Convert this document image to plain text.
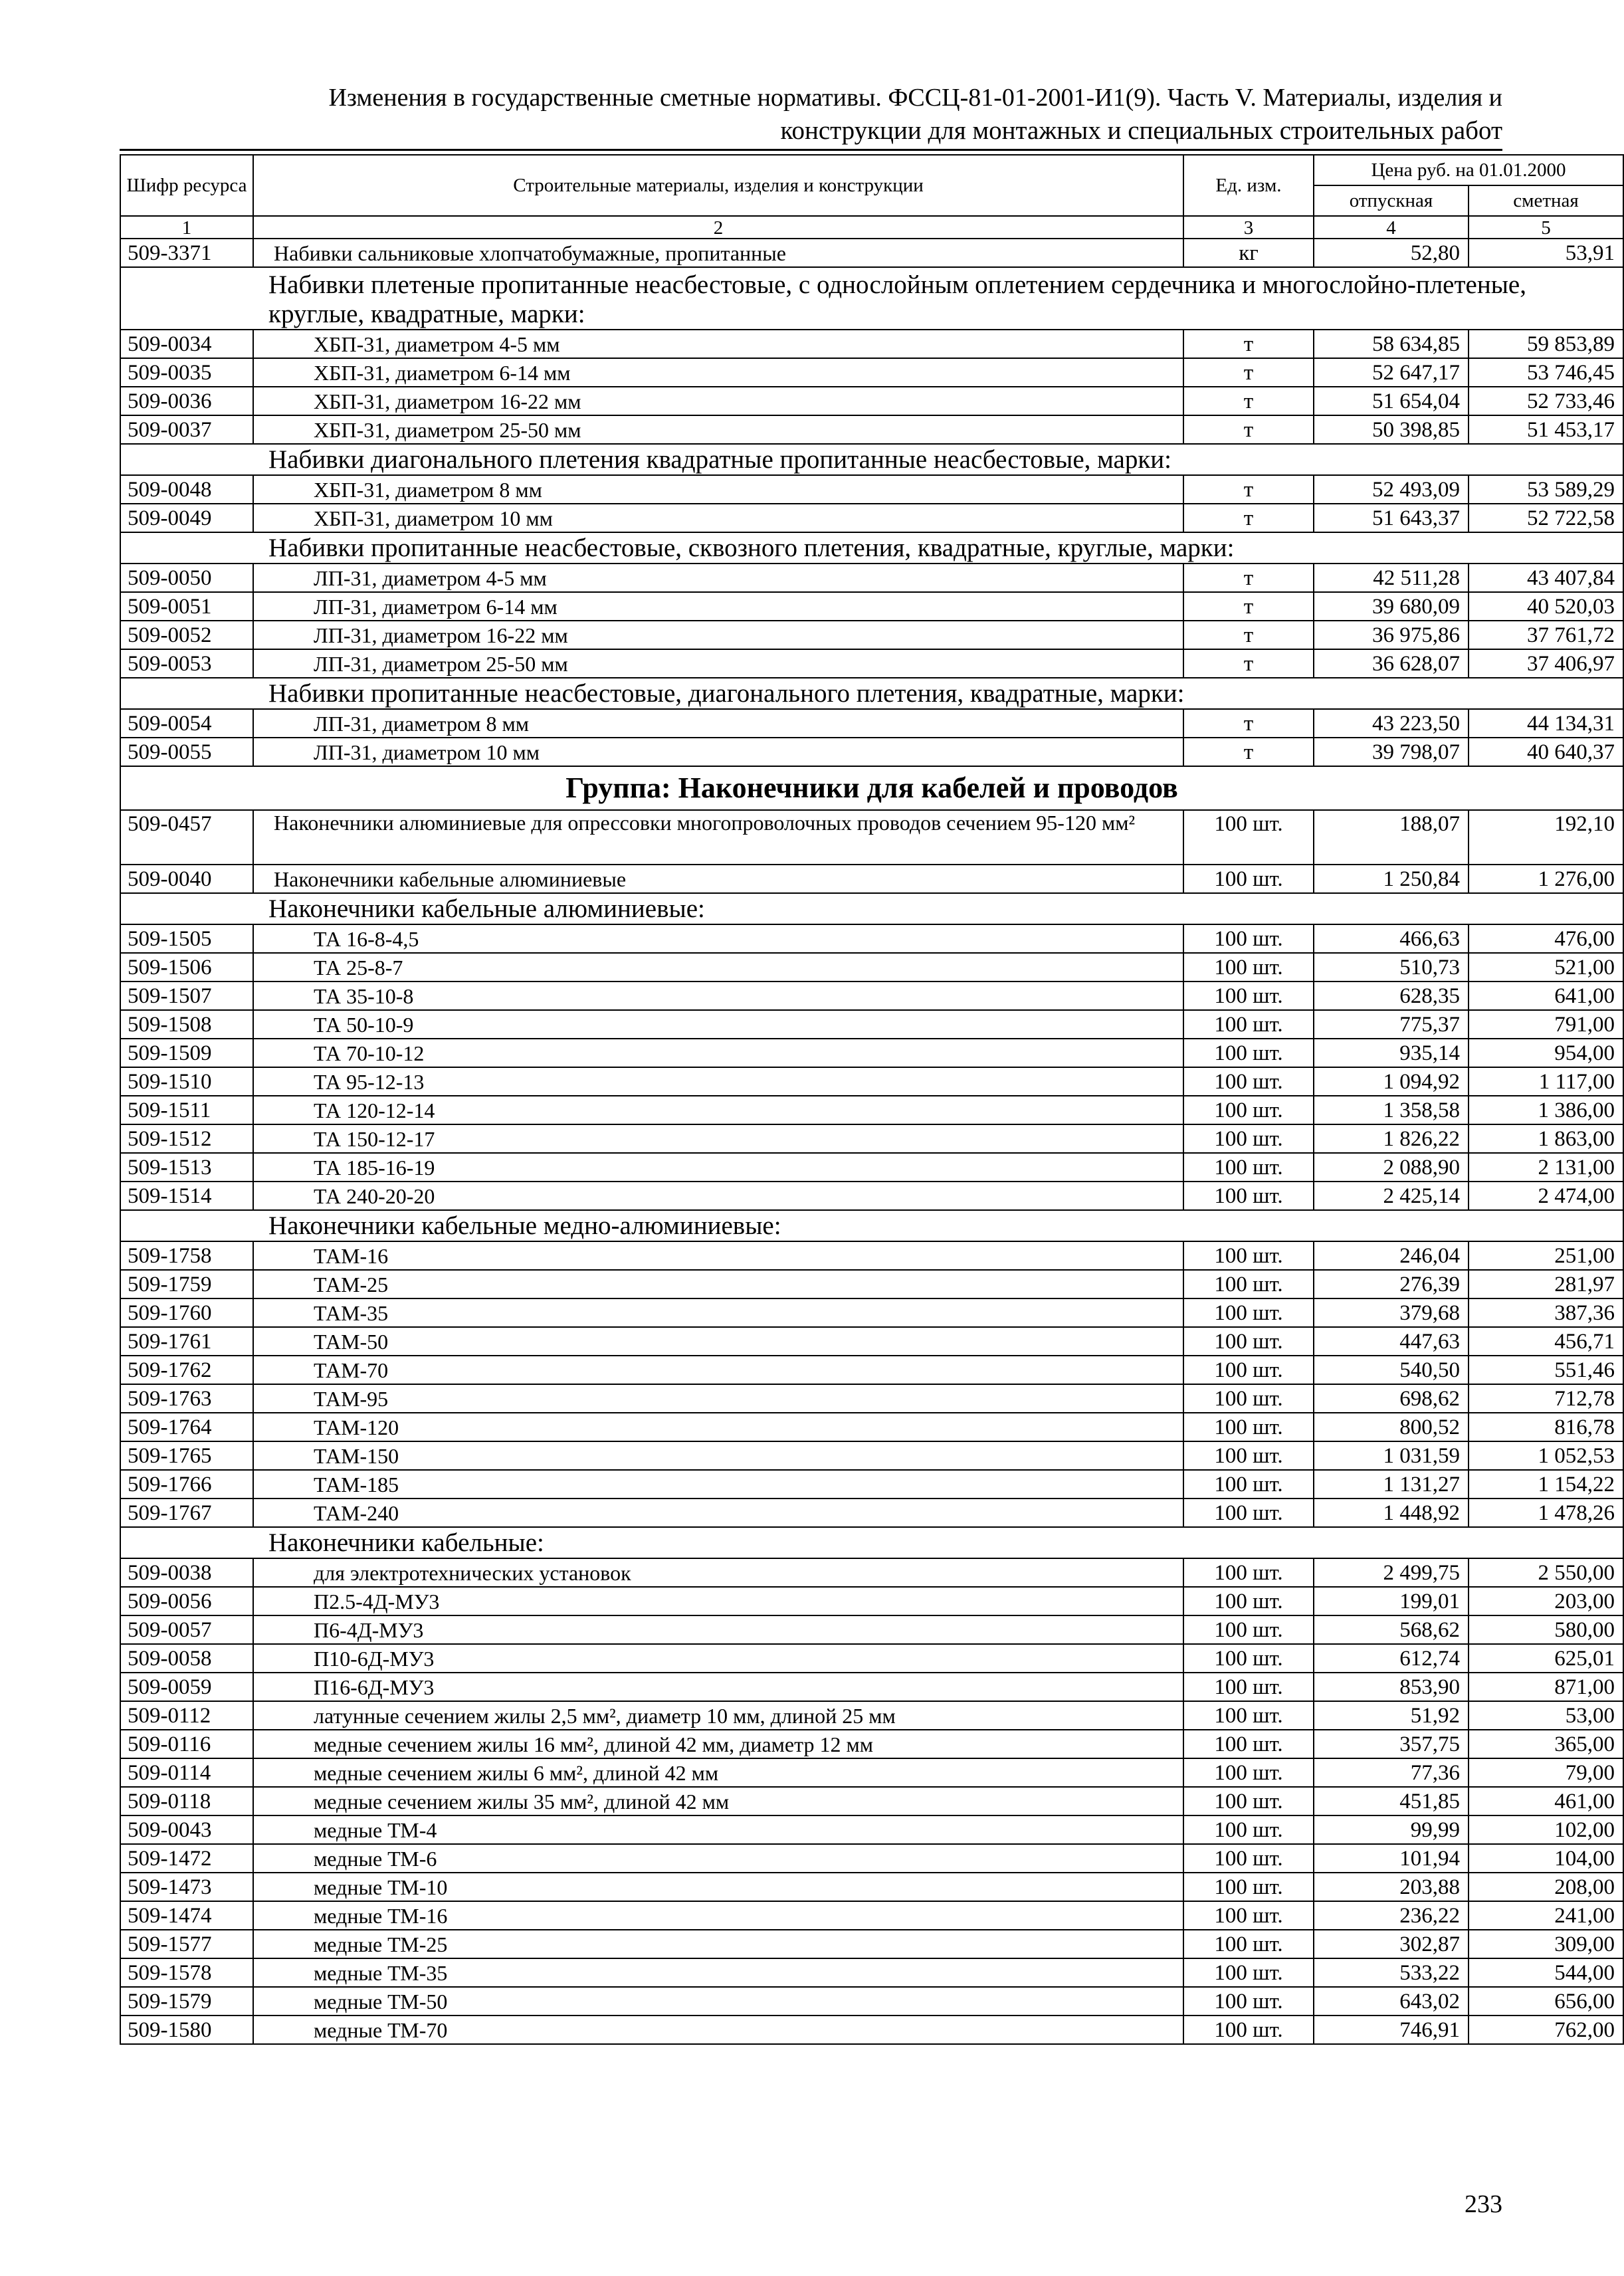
Изменения в государственные сметные нормативы. ФССЦ-81-01-2001-И1(9). Часть V. Материалы, изделия и
конструкции для монтажных и специальных строительных работ
Шифр ресурса	Строительные материалы, изделия и конструкции	Ед. изм.	Цена руб. на 01.01.2000	
			отпускная	сметная
1	2	3	4	5
509-3371	Набивки сальниковые хлопчатобумажные, пропитанные	кг	52,80	53,91
Набивки плетеные пропитанные неасбестовые, с однослойным оплетением сердечника и многослойно-плетеные, круглые, квадратные, марки:				
509-0034	ХБП-31, диаметром 4-5 мм	т	58 634,85	59 853,89
509-0035	ХБП-31, диаметром 6-14 мм	т	52 647,17	53 746,45
509-0036	ХБП-31, диаметром 16-22 мм	т	51 654,04	52 733,46
509-0037	ХБП-31, диаметром 25-50 мм	т	50 398,85	51 453,17
Набивки диагонального плетения квадратные пропитанные неасбестовые, марки:				
509-0048	ХБП-31, диаметром 8 мм	т	52 493,09	53 589,29
509-0049	ХБП-31, диаметром 10 мм	т	51 643,37	52 722,58
Набивки пропитанные неасбестовые, сквозного плетения, квадратные, круглые, марки:				
509-0050	ЛП-31, диаметром 4-5 мм	т	42 511,28	43 407,84
509-0051	ЛП-31, диаметром 6-14 мм	т	39 680,09	40 520,03
509-0052	ЛП-31, диаметром 16-22 мм	т	36 975,86	37 761,72
509-0053	ЛП-31, диаметром 25-50 мм	т	36 628,07	37 406,97
Набивки пропитанные неасбестовые, диагонального плетения, квадратные, марки:				
509-0054	ЛП-31, диаметром 8 мм	т	43 223,50	44 134,31
509-0055	ЛП-31, диаметром 10 мм	т	39 798,07	40 640,37
Группа: Наконечники для кабелей и проводов				
509-0457	Наконечники алюминиевые для опрессовки многопроволочных проводов сечением 95-120 мм²	100 шт.	188,07	192,10
509-0040	Наконечники кабельные алюминиевые	100 шт.	1 250,84	1 276,00
Наконечники кабельные алюминиевые:				
509-1505	ТА 16-8-4,5	100 шт.	466,63	476,00
509-1506	ТА 25-8-7	100 шт.	510,73	521,00
509-1507	ТА 35-10-8	100 шт.	628,35	641,00
509-1508	ТА 50-10-9	100 шт.	775,37	791,00
509-1509	ТА 70-10-12	100 шт.	935,14	954,00
509-1510	ТА 95-12-13	100 шт.	1 094,92	1 117,00
509-1511	ТА 120-12-14	100 шт.	1 358,58	1 386,00
509-1512	ТА 150-12-17	100 шт.	1 826,22	1 863,00
509-1513	ТА 185-16-19	100 шт.	2 088,90	2 131,00
509-1514	ТА 240-20-20	100 шт.	2 425,14	2 474,00
Наконечники кабельные медно-алюминиевые:				
509-1758	ТАМ-16	100 шт.	246,04	251,00
509-1759	ТАМ-25	100 шт.	276,39	281,97
509-1760	ТАМ-35	100 шт.	379,68	387,36
509-1761	ТАМ-50	100 шт.	447,63	456,71
509-1762	ТАМ-70	100 шт.	540,50	551,46
509-1763	ТАМ-95	100 шт.	698,62	712,78
509-1764	ТАМ-120	100 шт.	800,52	816,78
509-1765	ТАМ-150	100 шт.	1 031,59	1 052,53
509-1766	ТАМ-185	100 шт.	1 131,27	1 154,22
509-1767	ТАМ-240	100 шт.	1 448,92	1 478,26
Наконечники кабельные:				
509-0038	для электротехнических установок	100 шт.	2 499,75	2 550,00
509-0056	П2.5-4Д-МУ3	100 шт.	199,01	203,00
509-0057	П6-4Д-МУ3	100 шт.	568,62	580,00
509-0058	П10-6Д-МУ3	100 шт.	612,74	625,01
509-0059	П16-6Д-МУ3	100 шт.	853,90	871,00
509-0112	латунные сечением жилы 2,5 мм², диаметр 10 мм, длиной 25 мм	100 шт.	51,92	53,00
509-0116	медные сечением жилы 16 мм², длиной 42 мм, диаметр 12 мм	100 шт.	357,75	365,00
509-0114	медные сечением жилы 6 мм², длиной 42 мм	100 шт.	77,36	79,00
509-0118	медные сечением жилы 35 мм², длиной 42 мм	100 шт.	451,85	461,00
509-0043	медные ТМ-4	100 шт.	99,99	102,00
509-1472	медные ТМ-6	100 шт.	101,94	104,00
509-1473	медные ТМ-10	100 шт.	203,88	208,00
509-1474	медные ТМ-16	100 шт.	236,22	241,00
509-1577	медные ТМ-25	100 шт.	302,87	309,00
509-1578	медные ТМ-35	100 шт.	533,22	544,00
509-1579	медные ТМ-50	100 шт.	643,02	656,00
509-1580	медные ТМ-70	100 шт.	746,91	762,00
233
